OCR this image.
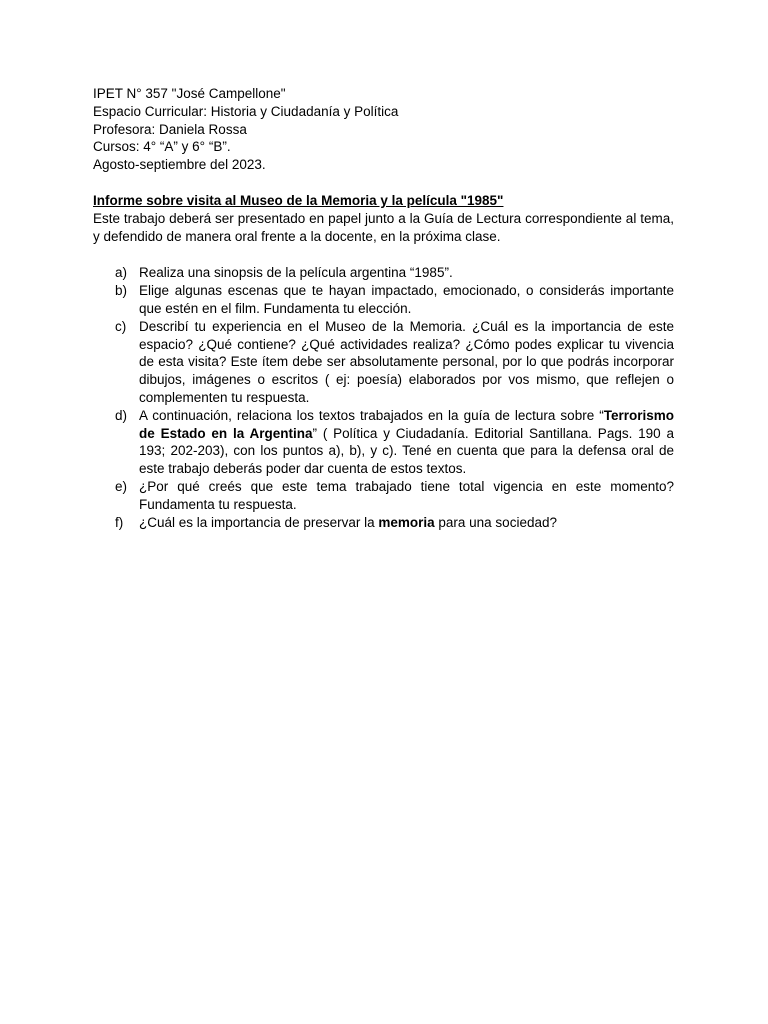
IPET N° 357 "José Campellone"

Espacio Curricular: Historia y Ciudadanía y Política

Profesora: Daniela Rossa

Cursos: 4° “A” y 6° “B”.

Agosto-septiembre del 2023.

Informe sobre visita al Museo de la Memoria y la película "1985"

Este trabajo deberá ser presentado en papel junto a la Guía de Lectura correspondiente al tema, y defendido de manera oral frente a la docente, en la próxima clase.

a) Realiza una sinopsis de la película argentina “1985”.
b) Elige algunas escenas que te hayan impactado, emocionado, o considerás importante que estén en el film. Fundamenta tu elección.
c) Describí tu experiencia en el Museo de la Memoria. ¿Cuál es la importancia de este espacio? ¿Qué contiene? ¿Qué actividades realiza? ¿Cómo podes explicar tu vivencia de esta visita? Este ítem debe ser absolutamente personal, por lo que podrás incorporar dibujos, imágenes o escritos ( ej: poesía) elaborados por vos mismo, que reflejen o complementen tu respuesta.
d) A continuación, relaciona los textos trabajados en la guía de lectura sobre “Terrorismo de Estado en la Argentina” ( Política y Ciudadanía. Editorial Santillana. Pags. 190 a 193; 202-203), con los puntos a), b), y c). Tené en cuenta que para la defensa oral de este trabajo deberás poder dar cuenta de estos textos.
e) ¿Por qué creés que este tema trabajado tiene total vigencia en este momento? Fundamenta tu respuesta.
f) ¿Cuál es la importancia de preservar la memoria para una sociedad?
